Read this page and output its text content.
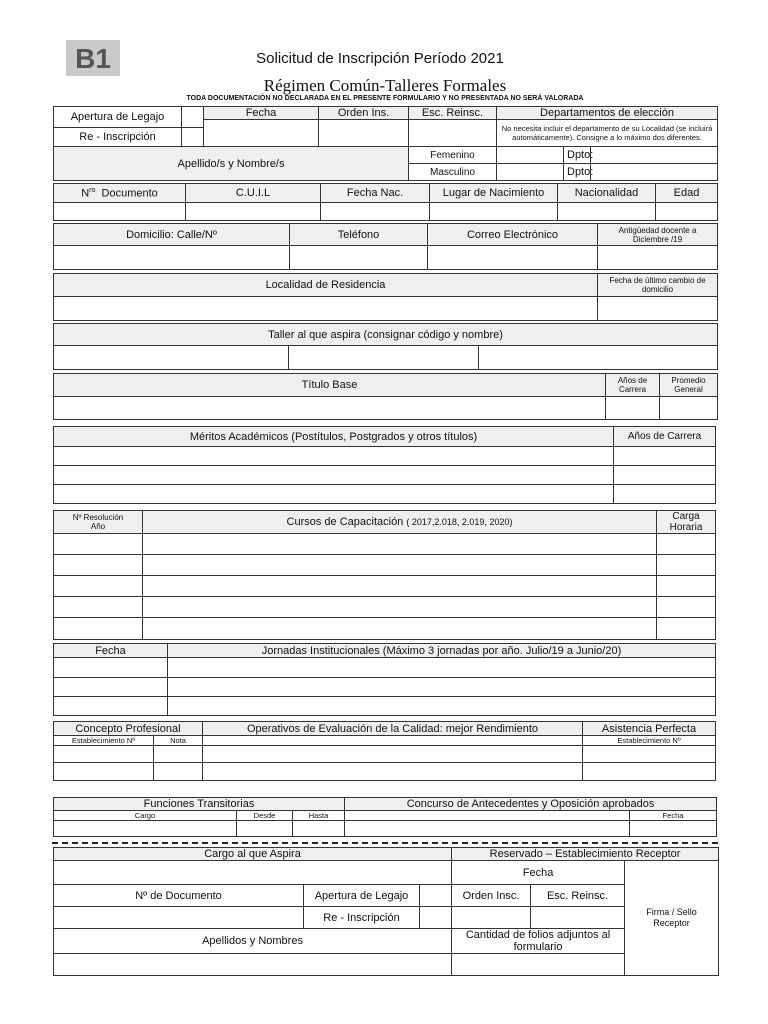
B1	Solicitud de Inscripción Período 2021
Régimen Común-Talleres Formales
TODA DOCUMENTACIÓN NO DECLARADA EN EL PRESENTE FORMULARIO Y NO PRESENTADA NO SERÁ VALORADA
Apertura de Legajo		Fecha	Orden Ins.	Esc. Reinsc.	Departamentos de elección		
					No necesita incluir el departamento de su Localidad (se incluirá automáticamente). Consigne a lo máximo dos diferentes.		
Re - Inscripción							

Apellido/s y Nombre/s				Femenino		Dpto:	
				Masculino		Dpto:	
$N^{ro}$ Documento	C.U.I.L	Fecha Nac.	Lugar de Nacimiento	Nacionalidad	Edad

Domicilio: Calle/Nº	Teléfono	Correo Electrónico	Antigüedad docente a Diciembre /19

Localidad de Residencia	Fecha de último cambio de domicilio

Taller al que aspira (consignar código y nombre)

Título Base	Años de Carrera	Promedio General

Méritos Académicos (Postítulos, Postgrados y otros títulos)	Años de Carrera

Nº Resolución
Año	Cursos de Capacitación ( 2017,2.018, 2.019, 2020)	Carga Horaria

Fecha	Jornadas Institucionales (Máximo 3 jornadas por año. Julio/19 a Junio/20)

Concepto Profesional		Operativos de Evaluación de la Calidad: mejor Rendimiento	Asistencia Perfecta
Establecimiento Nº	Nota		Establecimiento Nº

Funciones Transitorias			Concurso de Antecedentes y Oposición aprobados	
Cargo	Desde	Hasta		Fecha

Cargo al que Aspira			Reservado – Establecimiento Receptor		
			Fecha		Firma / Sello Receptor
Nº de Documento	Apertura de Legajo		Orden Insc.	Esc. Reinsc.	
	Re - Inscripción				
Apellidos y Nombres			Cantidad de folios adjuntos al formulario		
